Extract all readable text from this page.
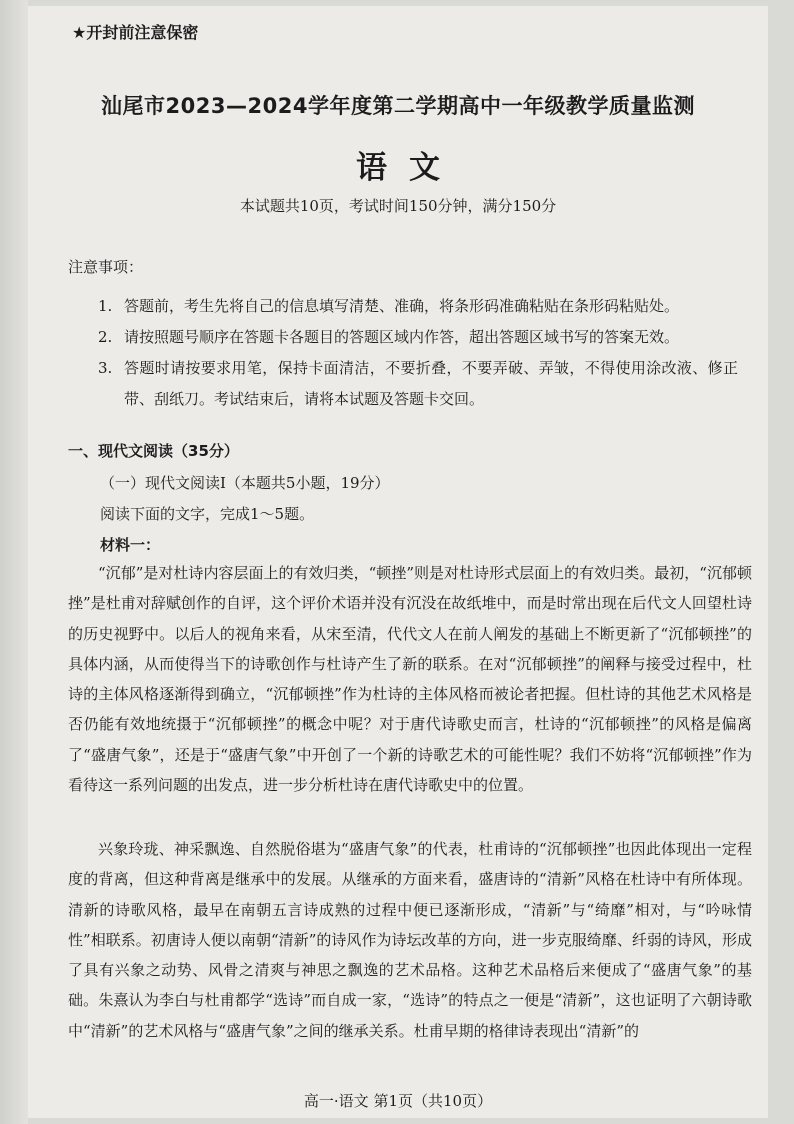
★开封前注意保密
汕尾市2023—2024学年度第二学期高中一年级教学质量监测
语文
本试题共10页，考试时间150分钟，满分150分
注意事项：
1. 答题前，考生先将自己的信息填写清楚、准确，将条形码准确粘贴在条形码粘贴处。
2. 请按照题号顺序在答题卡各题目的答题区域内作答，超出答题区域书写的答案无效。
3. 答题时请按要求用笔，保持卡面清洁，不要折叠，不要弄破、弄皱，不得使用涂改液、修正带、刮纸刀。考试结束后，请将本试题及答题卡交回。
一、现代文阅读（35分）
（一）现代文阅读Ⅰ（本题共5小题，19分）
阅读下面的文字，完成1～5题。
材料一：

“沉郁”是对杜诗内容层面上的有效归类，“顿挫”则是对杜诗形式层面上的有效归类。最初，“沉郁顿挫”是杜甫对辞赋创作的自评，这个评价术语并没有沉没在故纸堆中，而是时常出现在后代文人回望杜诗的历史视野中。以后人的视角来看，从宋至清，代代文人在前人阐发的基础上不断更新了“沉郁顿挫”的具体内涵，从而使得当下的诗歌创作与杜诗产生了新的联系。在对“沉郁顿挫”的阐释与接受过程中，杜诗的主体风格逐渐得到确立，“沉郁顿挫”作为杜诗的主体风格而被论者把握。但杜诗的其他艺术风格是否仍能有效地统摄于“沉郁顿挫”的概念中呢？对于唐代诗歌史而言，杜诗的“沉郁顿挫”的风格是偏离了“盛唐气象”，还是于“盛唐气象”中开创了一个新的诗歌艺术的可能性呢？我们不妨将“沉郁顿挫”作为看待这一系列问题的出发点，进一步分析杜诗在唐代诗歌史中的位置。

兴象玲珑、神采飘逸、自然脱俗堪为“盛唐气象”的代表，杜甫诗的“沉郁顿挫”也因此体现出一定程度的背离，但这种背离是继承中的发展。从继承的方面来看，盛唐诗的“清新”风格在杜诗中有所体现。清新的诗歌风格，最早在南朝五言诗成熟的过程中便已逐渐形成，“清新”与“绮靡”相对，与“吟咏情性”相联系。初唐诗人便以南朝“清新”的诗风作为诗坛改革的方向，进一步克服绮靡、纤弱的诗风，形成了具有兴象之动势、风骨之清爽与神思之飘逸的艺术品格。这种艺术品格后来便成了“盛唐气象”的基础。朱熹认为李白与杜甫都学“选诗”而自成一家，“选诗”的特点之一便是“清新”，这也证明了六朝诗歌中“清新”的艺术风格与“盛唐气象”之间的继承关系。杜甫早期的格律诗表现出“清新”的

高一·语文 第1页（共10页）
